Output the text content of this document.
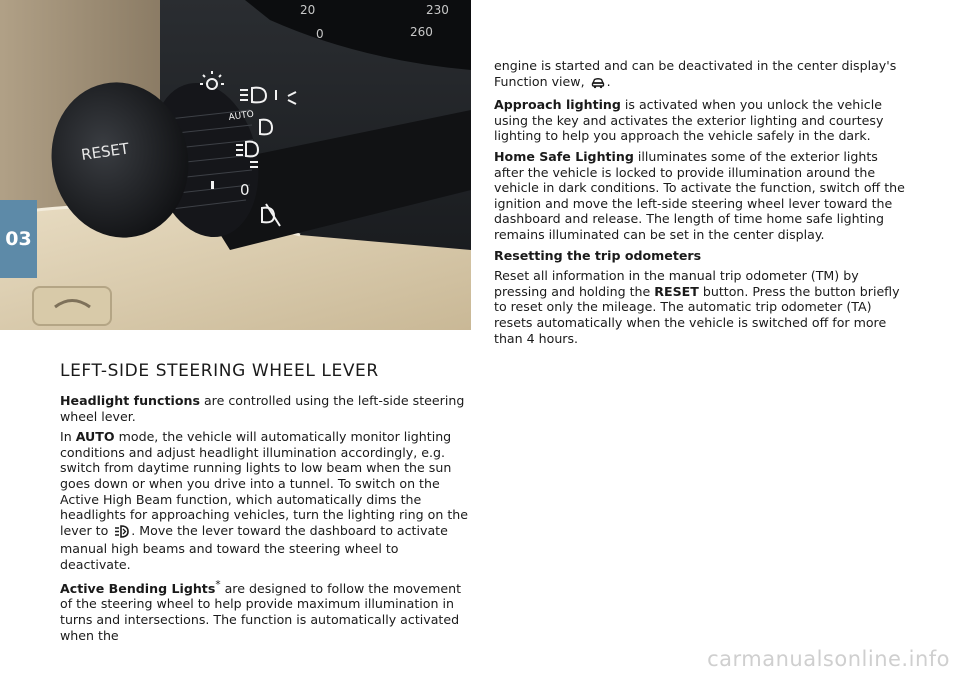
20
0
230
260
RESET
AUTO
0
03
LEFT-SIDE STEERING WHEEL LEVER

Headlight functions are controlled using the left-side steering wheel lever.

In AUTO mode, the vehicle will automatically monitor lighting conditions and adjust headlight illumination accordingly, e.g. switch from daytime running lights to low beam when the sun goes down or when you drive into a tunnel. To switch on the Active High Beam function, which automatically dims the headlights for approaching vehicles, turn the lighting ring on the lever to . Move the lever toward the dashboard to activate manual high beams and toward the steering wheel to deactivate.

Active Bending Lights* are designed to follow the movement of the steering wheel to help provide maximum illumination in turns and intersections. The function is automatically activated when the

engine is started and can be deactivated in the center display's Function view, .

Approach lighting is activated when you unlock the vehicle using the key and activates the exterior lighting and courtesy lighting to help you approach the vehicle safely in the dark.

Home Safe Lighting illuminates some of the exterior lights after the vehicle is locked to provide illumination around the vehicle in dark conditions. To activate the function, switch off the ignition and move the left-side steering wheel lever toward the dashboard and release. The length of time home safe lighting remains illuminated can be set in the center display.

Resetting the trip odometers

Reset all information in the manual trip odometer (TM) by pressing and holding the RESET button. Press the button briefly to reset only the mileage. The automatic trip odometer (TA) resets automatically when the vehicle is switched off for more than 4 hours.

carmanualsonline.info
